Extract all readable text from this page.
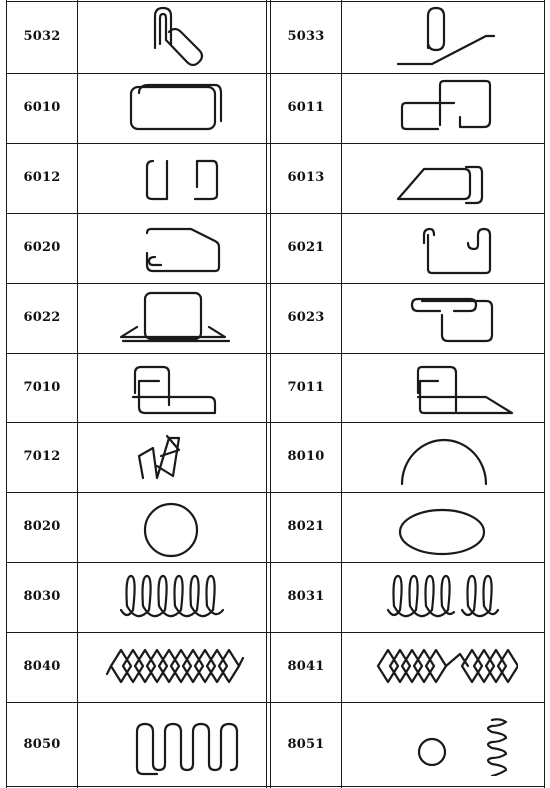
5032	5033
6010	6011
6012	6013
6020	6021
6022	6023
7010	7011
7012	8010
8020	8021
8030	8031
8040	8041
8050	8051
